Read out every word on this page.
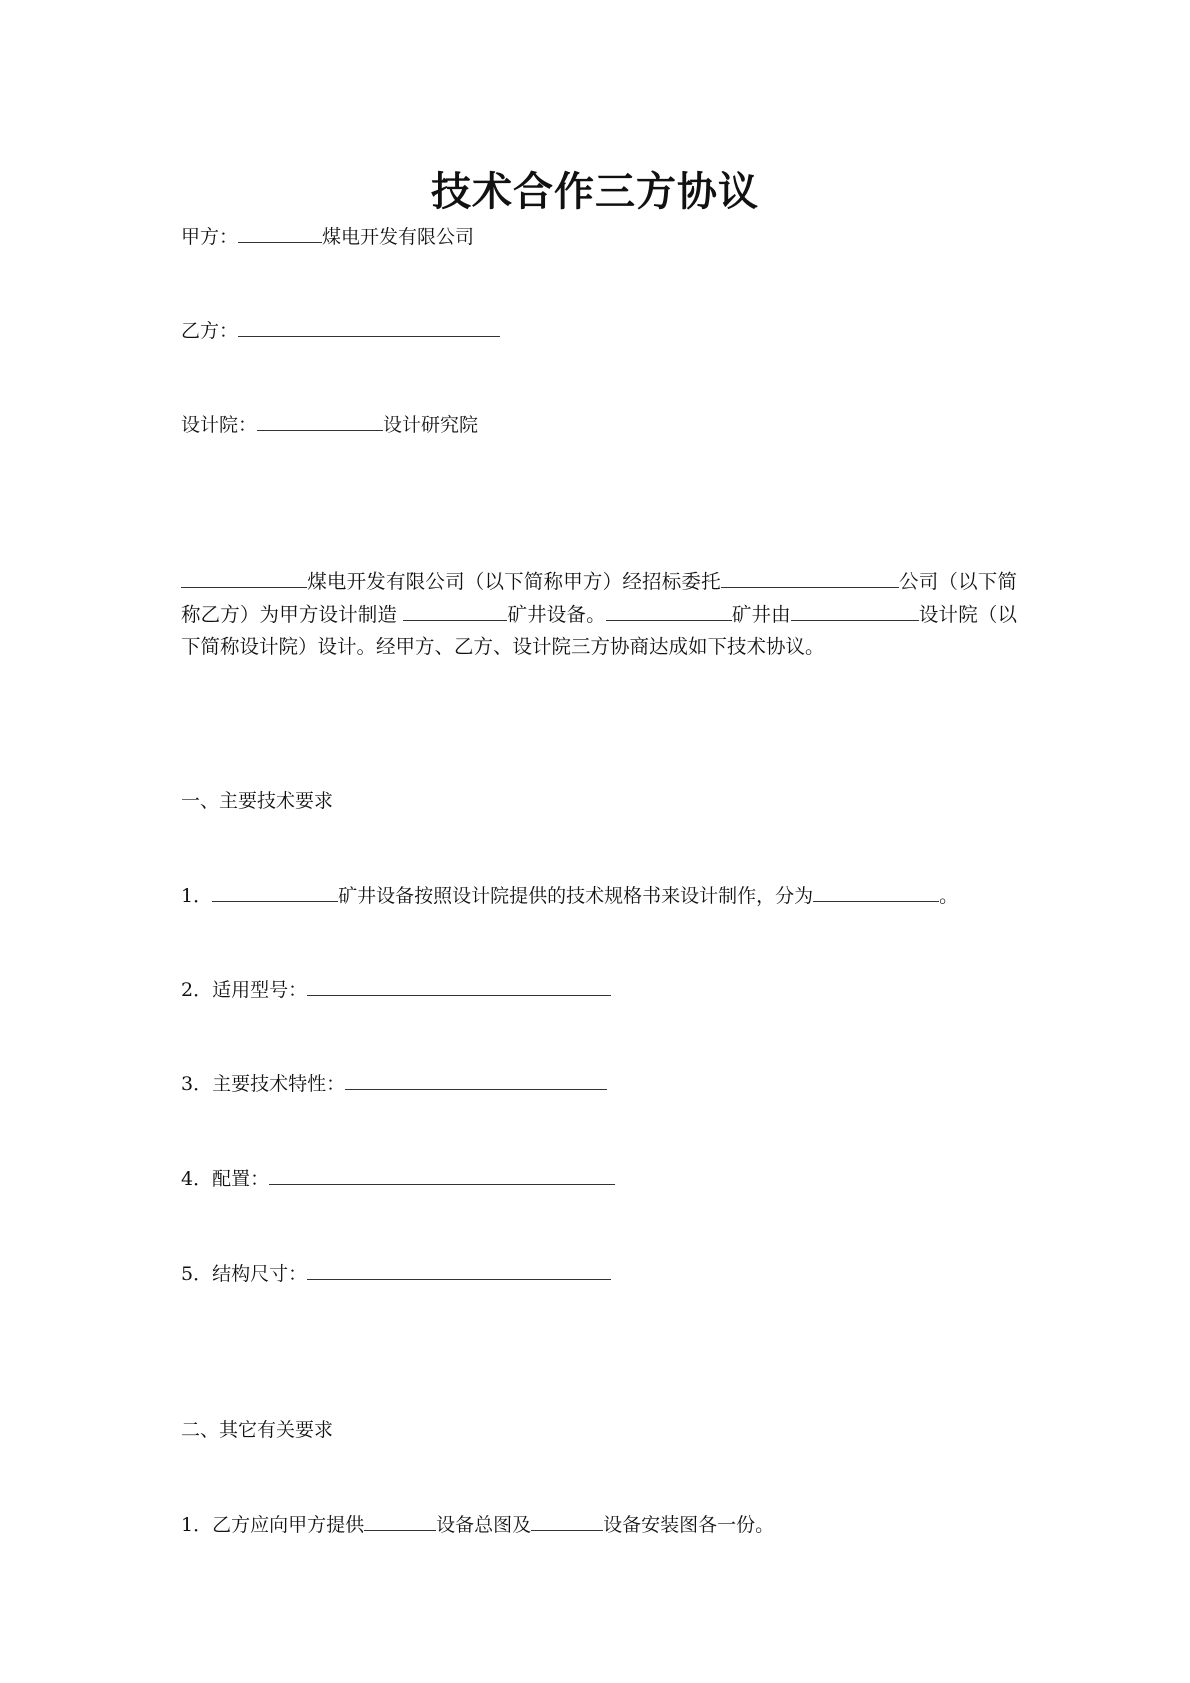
技术合作三方协议
甲方：	煤电开发有限公司
乙方：
设计院：	设计研究院
煤电开发有限公司（以下简称甲方）经招标委托	公司（以下简称乙方）为甲方设计制造	矿井设备。	矿井由	设计院（以下简称设计院）设计。经甲方、乙方、设计院三方协商达成如下技术协议。
一、主要技术要求
1．	矿井设备按照设计院提供的技术规格书来设计制作，分为	。
2．适用型号：
3．主要技术特性：
4．配置：
5．结构尺寸：
二、其它有关要求
1．乙方应向甲方提供	设备总图及	设备安装图各一份。
